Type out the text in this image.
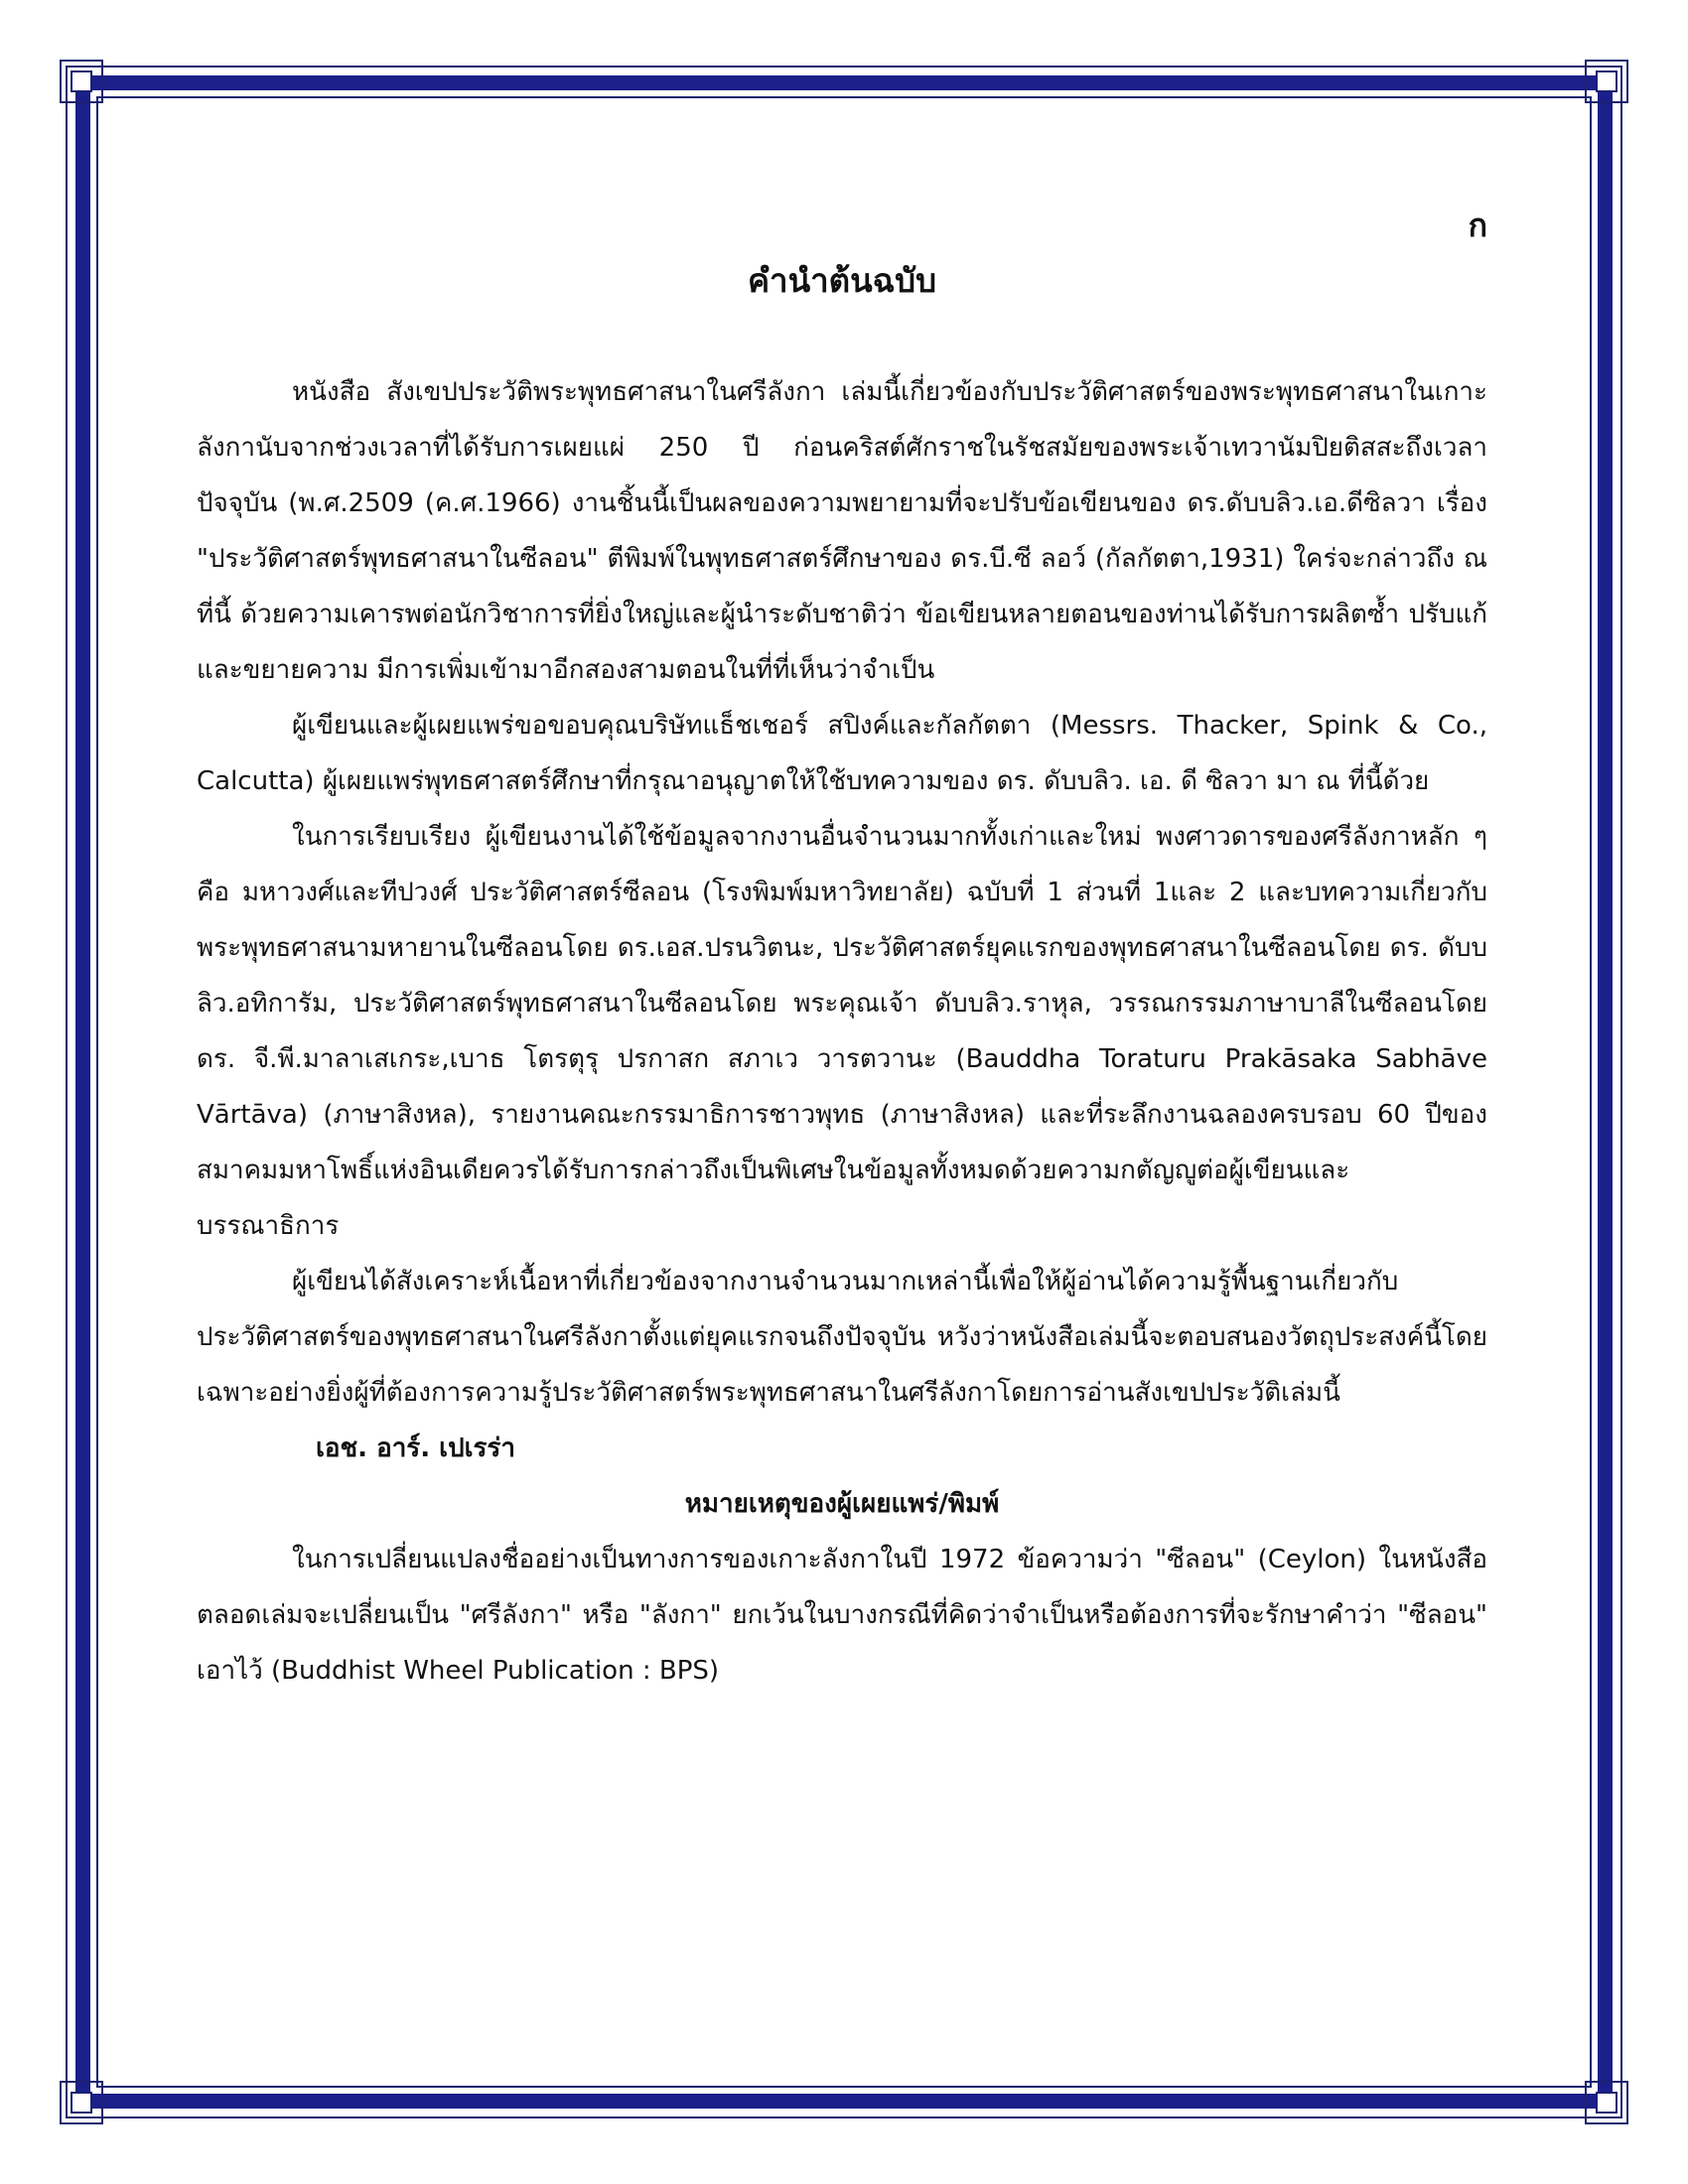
ก
คำนำต้นฉบับ

หนังสือ สังเขปประวัติพระพุทธศาสนาในศรีลังกา เล่มนี้เกี่ยวข้องกับประวัติศาสตร์ของพระพุทธศาสนาในเกาะลังกานับจากช่วงเวลาที่ได้รับการเผยแผ่ 250 ปี ก่อนคริสต์ศักราชในรัชสมัยของพระเจ้าเทวานัมปิยติสสะถึงเวลาปัจจุบัน (พ.ศ.2509 (ค.ศ.1966) งานชิ้นนี้เป็นผลของความพยายามที่จะปรับข้อเขียนของ ดร.ดับบลิว.เอ.ดีซิลวา เรื่อง "ประวัติศาสตร์พุทธศาสนาในซีลอน" ตีพิมพ์ในพุทธศาสตร์ศึกษาของ ดร.บี.ซี ลอว์ (กัลกัตตา,1931) ใคร่จะกล่าวถึง ณ ที่นี้ ด้วยความเคารพต่อนักวิชาการที่ยิ่งใหญ่และผู้นำระดับชาติว่า ข้อเขียนหลายตอนของท่านได้รับการผลิตซ้ำ ปรับแก้และขยายความ มีการเพิ่มเข้ามาอีกสองสามตอนในที่ที่เห็นว่าจำเป็น

ผู้เขียนและผู้เผยแพร่ขอขอบคุณบริษัทแธ็ชเชอร์ สปิงค์และกัลกัตตา (Messrs. Thacker, Spink & Co., Calcutta) ผู้เผยแพร่พุทธศาสตร์ศึกษาที่กรุณาอนุญาตให้ใช้บทความของ ดร. ดับบลิว. เอ. ดี ซิลวา มา ณ ที่นี้ด้วย

ในการเรียบเรียง ผู้เขียนงานได้ใช้ข้อมูลจากงานอื่นจำนวนมากทั้งเก่าและใหม่ พงศาวดารของศรีลังกาหลัก ๆ คือ มหาวงศ์และทีปวงศ์ ประวัติศาสตร์ซีลอน (โรงพิมพ์มหาวิทยาลัย) ฉบับที่ 1 ส่วนที่ 1และ 2 และบทความเกี่ยวกับพระพุทธศาสนามหายานในซีลอนโดย ดร.เอส.ปรนวิตนะ, ประวัติศาสตร์ยุคแรกของพุทธศาสนาในซีลอนโดย ดร. ดับบลิว.อทิการัม, ประวัติศาสตร์พุทธศาสนาในซีลอนโดย พระคุณเจ้า ดับบลิว.ราหุล, วรรณกรรมภาษาบาลีในซีลอนโดย ดร. จี.พี.มาลาเสเกระ,เบาธ โตรตุรุ ปรกาสก สภาเว วารตวานะ (Bauddha Toraturu Prakāsaka Sabhāve Vārtāva) (ภาษาสิงหล), รายงานคณะกรรมาธิการชาวพุทธ (ภาษาสิงหล) และที่ระลึกงานฉลองครบรอบ 60 ปีของสมาคมมหาโพธิ์แห่งอินเดียควรได้รับการกล่าวถึงเป็นพิเศษในข้อมูลทั้งหมดด้วยความกตัญญูต่อผู้เขียนและบรรณาธิการ

ผู้เขียนได้สังเคราะห์เนื้อหาที่เกี่ยวข้องจากงานจำนวนมากเหล่านี้เพื่อให้ผู้อ่านได้ความรู้พื้นฐานเกี่ยวกับประวัติศาสตร์ของพุทธศาสนาในศรีลังกาตั้งแต่ยุคแรกจนถึงปัจจุบัน หวังว่าหนังสือเล่มนี้จะตอบสนองวัตถุประสงค์นี้โดยเฉพาะอย่างยิ่งผู้ที่ต้องการความรู้ประวัติศาสตร์พระพุทธศาสนาในศรีลังกาโดยการอ่านสังเขปประวัติเล่มนี้

เอช. อาร์. เปเรร่า

หมายเหตุของผู้เผยแพร่/พิมพ์

ในการเปลี่ยนแปลงชื่ออย่างเป็นทางการของเกาะลังกาในปี 1972 ข้อความว่า "ซีลอน" (Ceylon) ในหนังสือตลอดเล่มจะเปลี่ยนเป็น "ศรีลังกา" หรือ "ลังกา" ยกเว้นในบางกรณีที่คิดว่าจำเป็นหรือต้องการที่จะรักษาคำว่า "ซีลอน" เอาไว้ (Buddhist Wheel Publication : BPS)
